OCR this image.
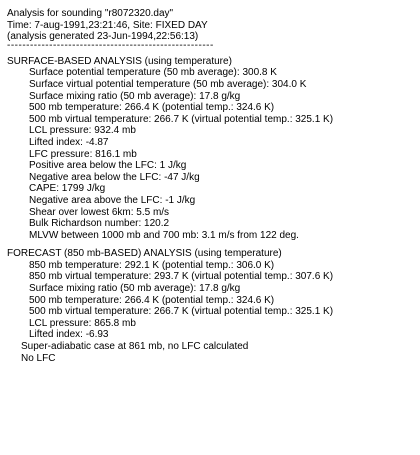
Analysis for sounding "r8072320.day"
Time: 7-aug-1991,23:21:46, Site: FIXED DAY
(analysis generated 23-Jun-1994,22:56:13)
------------------------------------------------------
SURFACE-BASED ANALYSIS (using temperature)
Surface potential temperature (50 mb average): 300.8 K
Surface virtual potential temperature (50 mb average): 304.0 K
Surface mixing ratio (50 mb average): 17.8 g/kg
500 mb temperature: 266.4 K (potential temp.: 324.6 K)
500 mb virtual temperature: 266.7 K (virtual potential temp.: 325.1 K)
LCL pressure: 932.4 mb
Lifted index: -4.87
LFC pressure: 816.1 mb
Positive area below the LFC: 1 J/kg
Negative area below the LFC: -47 J/kg
CAPE: 1799 J/kg
Negative area above the LFC: -1 J/kg
Shear over lowest 6km: 5.5 m/s
Bulk Richardson number: 120.2
MLVW between 1000 mb and 700 mb: 3.1 m/s from 122 deg.
FORECAST (850 mb-BASED) ANALYSIS (using temperature)
850 mb temperature: 292.1 K (potential temp.: 306.0 K)
850 mb virtual temperature: 293.7 K (virtual potential temp.: 307.6 K)
Surface mixing ratio (50 mb average): 17.8 g/kg
500 mb temperature: 266.4 K (potential temp.: 324.6 K)
500 mb virtual temperature: 266.7 K (virtual potential temp.: 325.1 K)
LCL pressure: 865.8 mb
Lifted index: -6.93
Super-adiabatic case at 861 mb, no LFC calculated
No LFC
